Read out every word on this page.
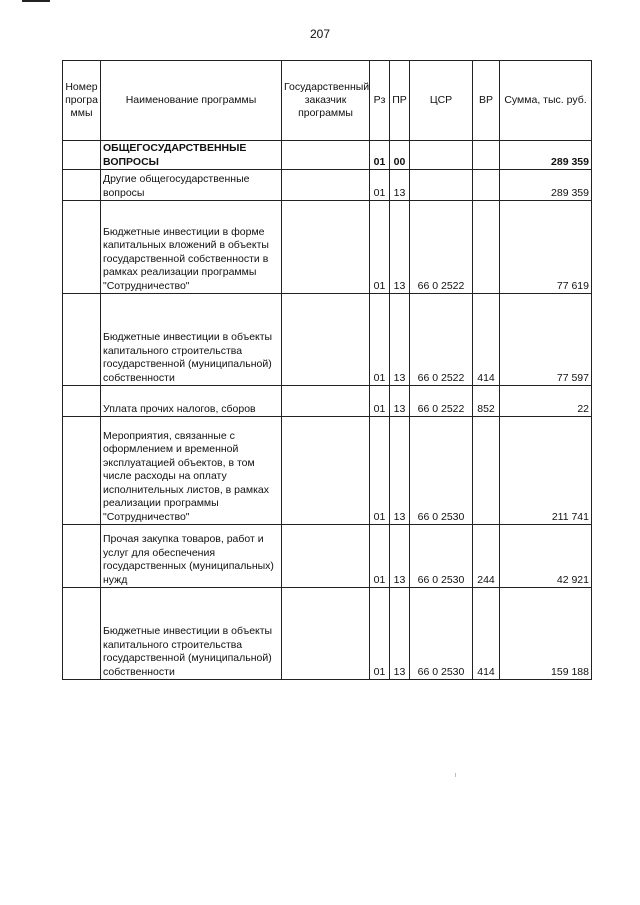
207
Номер программы	Наименование программы	Государственный заказчик программы	Рз	ПР	ЦСР	ВР	Сумма, тыс. руб.
	ОБЩЕГОСУДАРСТВЕННЫЕ ВОПРОСЫ		01	00			289 359
	Другие общегосударственные вопросы		01	13			289 359
	Бюджетные инвестиции в форме капитальных вложений в объекты государственной собственности в рамках реализации программы "Сотрудничество"		01	13	66 0 2522		77 619
	Бюджетные инвестиции в объекты капитального строительства государственной (муниципальной) собственности		01	13	66 0 2522	414	77 597
	Уплата прочих налогов, сборов		01	13	66 0 2522	852	22
	Мероприятия, связанные с оформлением и временной эксплуатацией объектов, в том числе расходы на оплату исполнительных листов, в рамках реализации программы "Сотрудничество"		01	13	66 0 2530		211 741
	Прочая закупка товаров, работ и услуг для обеспечения государственных (муниципальных) нужд		01	13	66 0 2530	244	42 921
	Бюджетные инвестиции в объекты капитального строительства государственной (муниципальной) собственности		01	13	66 0 2530	414	159 188
